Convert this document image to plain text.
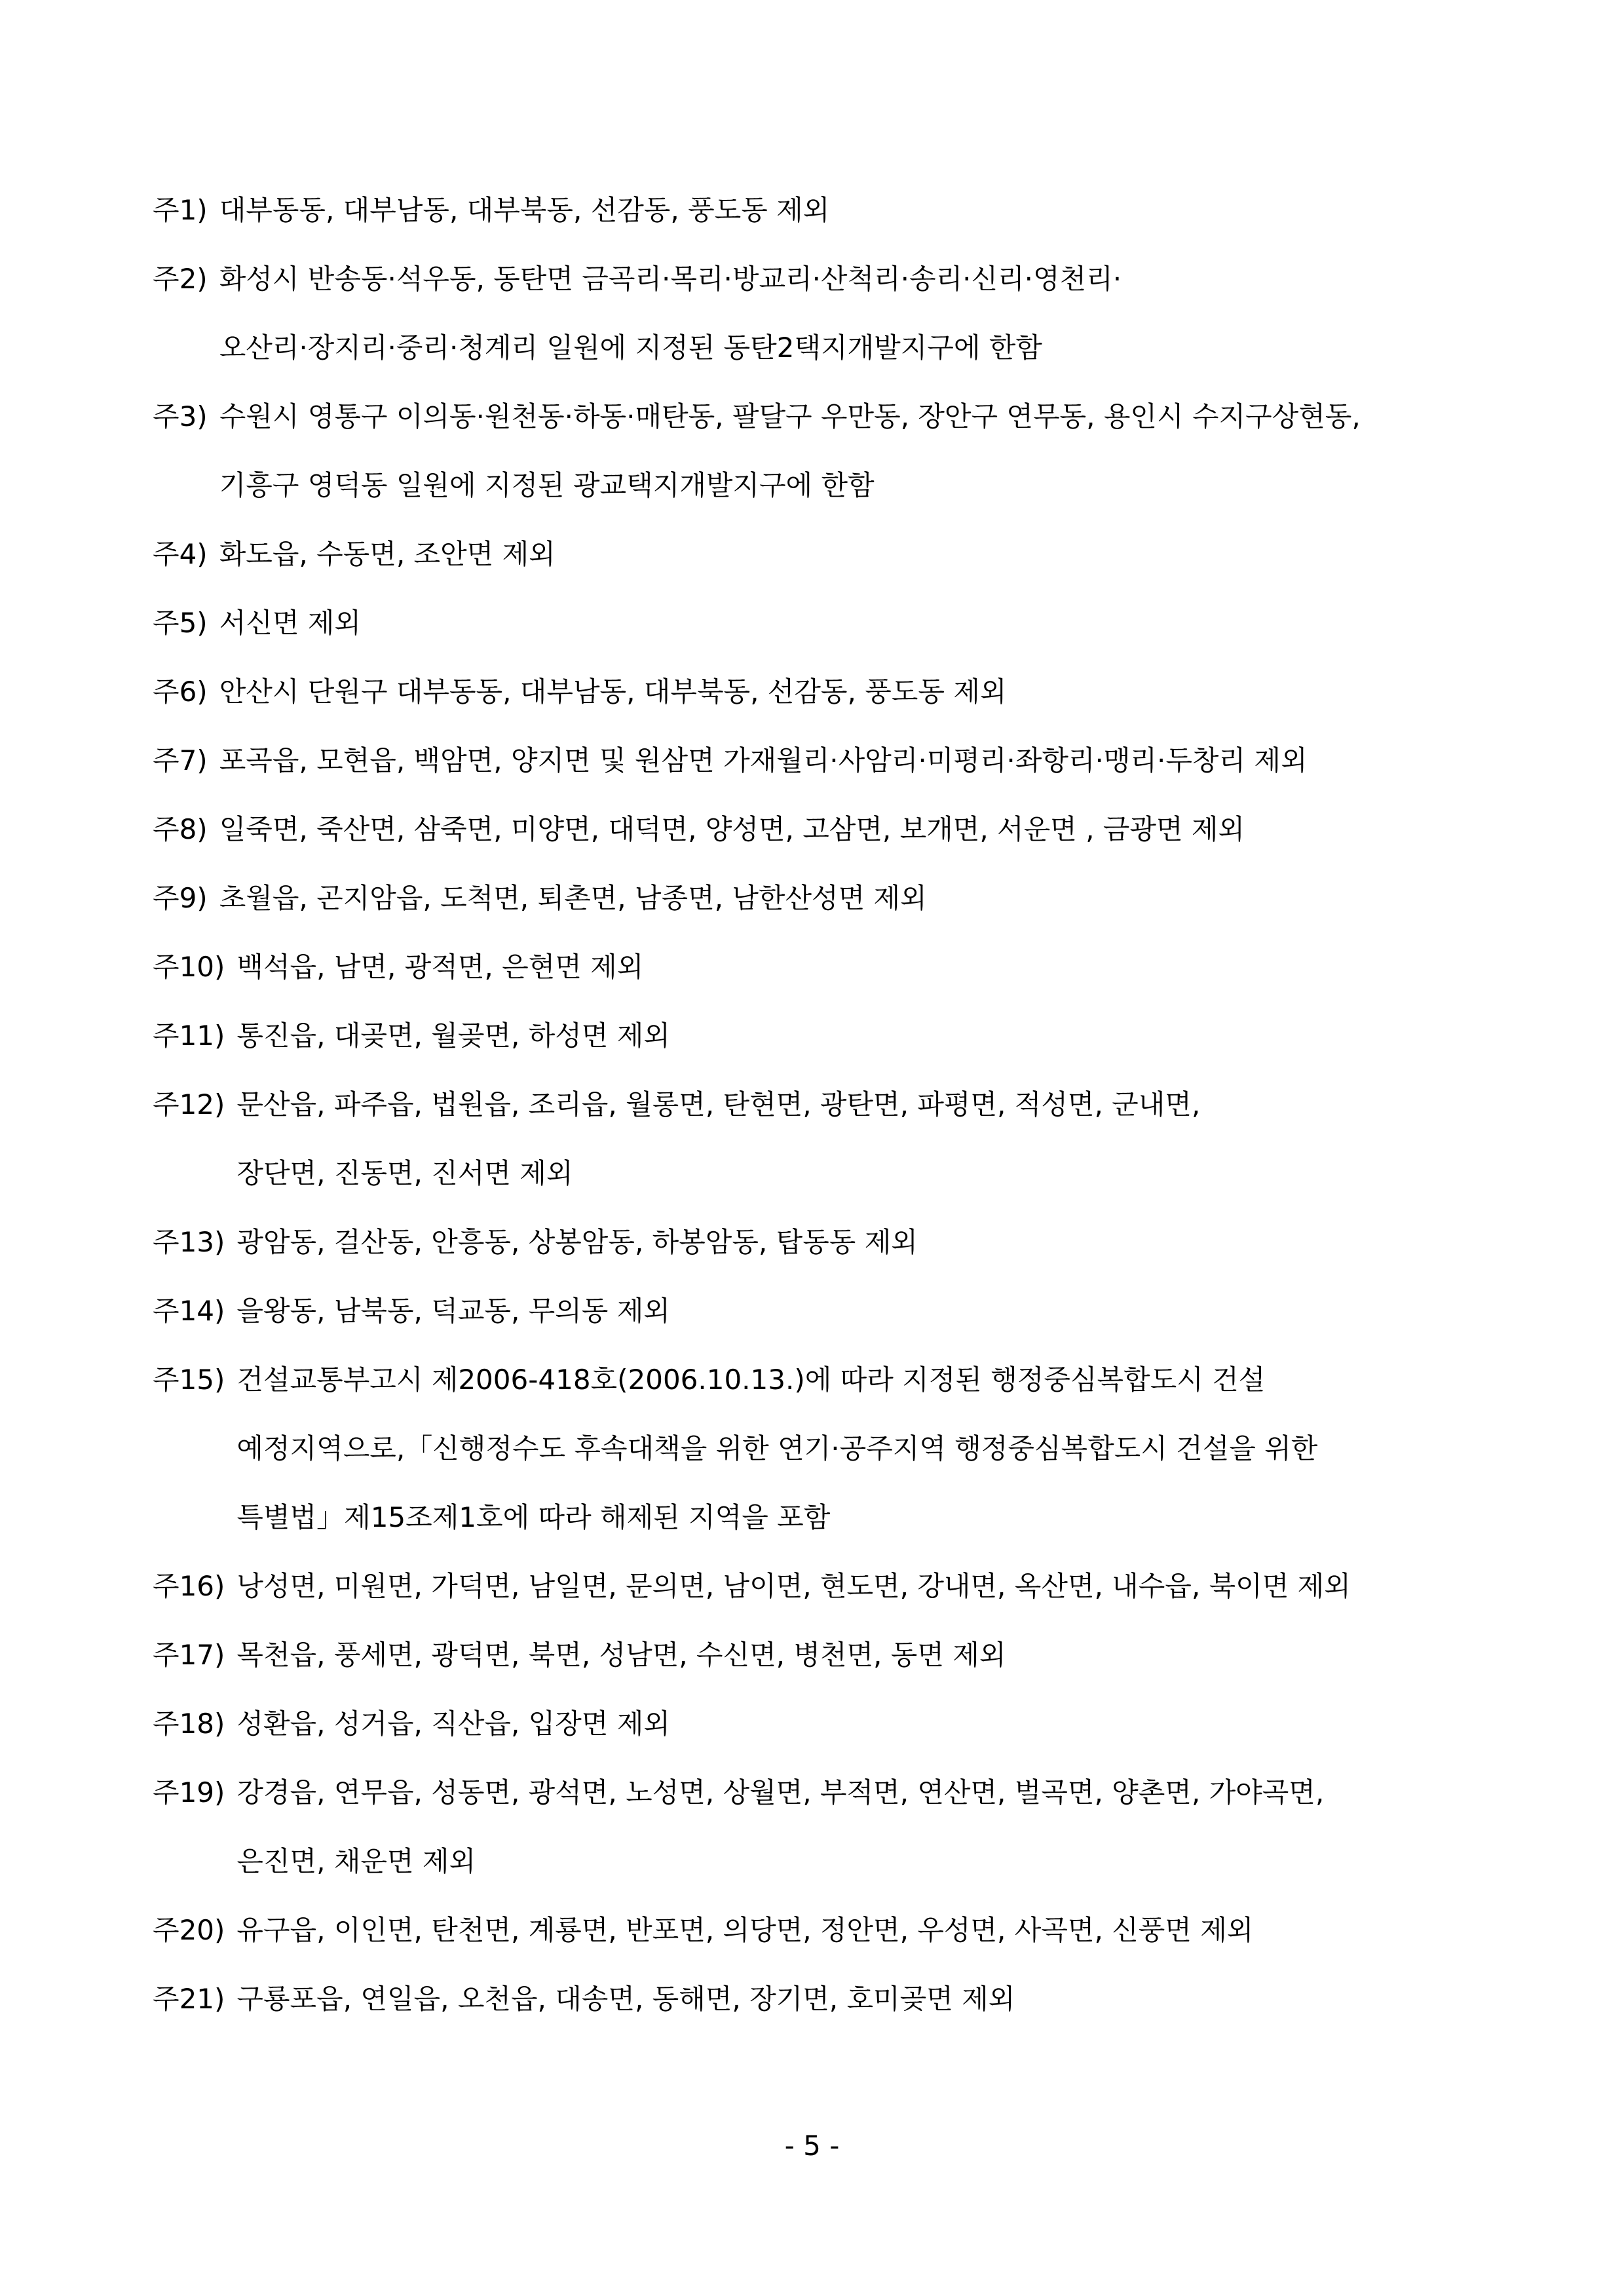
주1) 대부동동, 대부남동, 대부북동, 선감동, 풍도동 제외
주2) 화성시 반송동·석우동, 동탄면 금곡리·목리·방교리·산척리·송리·신리·영천리·
오산리·장지리·중리·청계리 일원에 지정된 동탄2택지개발지구에 한함
주3) 수원시 영통구 이의동·원천동·하동·매탄동, 팔달구 우만동, 장안구 연무동, 용인시 수지구상현동,
기흥구 영덕동 일원에 지정된 광교택지개발지구에 한함
주4) 화도읍, 수동면, 조안면 제외
주5) 서신면 제외
주6) 안산시 단원구 대부동동, 대부남동, 대부북동, 선감동, 풍도동 제외
주7) 포곡읍, 모현읍, 백암면, 양지면 및 원삼면 가재월리·사암리·미평리·좌항리·맹리·두창리 제외
주8) 일죽면, 죽산면, 삼죽면, 미양면, 대덕면, 양성면, 고삼면, 보개면, 서운면 , 금광면 제외
주9) 초월읍, 곤지암읍, 도척면, 퇴촌면, 남종면, 남한산성면 제외
주10) 백석읍, 남면, 광적면, 은현면 제외
주11) 통진읍, 대곶면, 월곶면, 하성면 제외
주12) 문산읍, 파주읍, 법원읍, 조리읍, 월롱면, 탄현면, 광탄면, 파평면, 적성면, 군내면,
장단면, 진동면, 진서면 제외
주13) 광암동, 걸산동, 안흥동, 상봉암동, 하봉암동, 탑동동 제외
주14) 을왕동, 남북동, 덕교동, 무의동 제외
주15) 건설교통부고시 제2006-418호(2006.10.13.)에 따라 지정된 행정중심복합도시 건설
예정지역으로,「신행정수도 후속대책을 위한 연기·공주지역 행정중심복합도시 건설을 위한
특별법」제15조제1호에 따라 해제된 지역을 포함
주16) 낭성면, 미원면, 가덕면, 남일면, 문의면, 남이면, 현도면, 강내면, 옥산면, 내수읍, 북이면 제외
주17) 목천읍, 풍세면, 광덕면, 북면, 성남면, 수신면, 병천면, 동면 제외
주18) 성환읍, 성거읍, 직산읍, 입장면 제외
주19) 강경읍, 연무읍, 성동면, 광석면, 노성면, 상월면, 부적면, 연산면, 벌곡면, 양촌면, 가야곡면,
은진면, 채운면 제외
주20) 유구읍, 이인면, 탄천면, 계룡면, 반포면, 의당면, 정안면, 우성면, 사곡면, 신풍면 제외
주21) 구룡포읍, 연일읍, 오천읍, 대송면, 동해면, 장기면, 호미곶면 제외
- 5 -
